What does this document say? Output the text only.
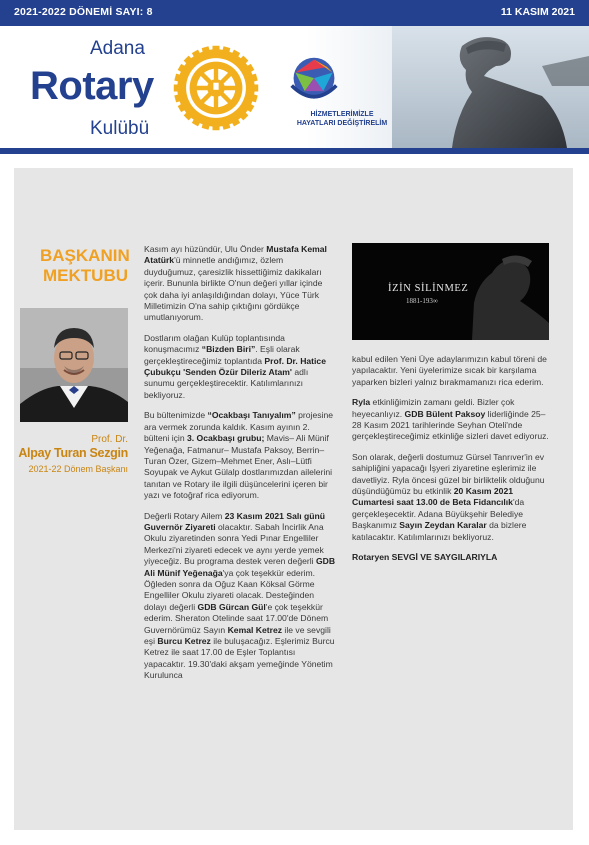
2021-2022 DÖNEMİ SAYI: 8	11 KASIM 2021
Adana
Rotary
Kulübü
HİZMETLERİMİZLE
HAYATLARI DEĞİŞTİRELİM
BAŞKANIN
MEKTUBU
Prof. Dr.
Alpay Turan Sezgin
2021-22 Dönem Başkanı

Kasım ayı hüzündür, Ulu Önder Mustafa Kemal Atatürk'ü minnetle andığımız, özlem duyduğumuz, çaresizlik hissettiğimiz dakikaları içerir. Bununla birlikte O'nun değeri yıllar içinde çok daha iyi anlaşıldığından dolayı, Yüce Türk Milletimizin O'na sahip çıktığını gördükçe umutlanıyorum.

Dostlarım olağan Kulüp toplantısında konuşmacımız “Bizden Biri”. Eşli olarak gerçekleştireceğimiz toplantıda Prof. Dr. Hatice Çubukçu 'Senden Özür Dileriz Atam' adlı sunumu gerçekleştirecektir. Katılımlarınızı bekliyoruz.

Bu bültenimizde “Ocakbaşı Tanıyalım” projesine ara vermek zorunda kaldık. Kasım ayının 2. bülteni için 3. Ocakbaşı grubu; Mavis– Ali Münif Yeğenağa, Fatmanur– Mustafa Paksoy, Berrin–Turan Özer, Gizem–Mehmet Ener, Aslı–Lütfi Soyupak ve Aykut Gülalp dostlarımızdan ailelerini tanıtan ve Rotary ile ilgili düşüncelerini içeren bir yazı ve fotoğraf rica ediyorum.

Değerli Rotary Ailem 23 Kasım 2021 Salı günü Guvernör Ziyareti olacaktır. Sabah İncirlik Ana Okulu ziyaretinden sonra Yedi Pınar Engelliler Merkezi'ni ziyareti edecek ve aynı yerde yemek yiyeceğiz. Bu programa destek veren değerli GDB Ali Münif Yeğenağa'ya çok teşekkür ederim. Öğleden sonra da Oğuz Kaan Köksal Görme Engelliler Okulu ziyareti olacak. Desteğinden dolayı değerli GDB Gürcan Gül'e çok teşekkür ederim. Sheraton Otelinde saat 17.00'de Dönem Guvernörümüz Sayın Kemal Ketrez ile ve sevgili eşi Burcu Ketrez ile buluşacağız. Eşlerimiz Burcu Ketrez ile saat 17.00 de Eşler Toplantısı yapacaktır. 19.30'daki akşam yemeğinde Yönetim Kurulunca

İZİN SİLİNMEZ
1881-193∞

kabul edilen Yeni Üye adaylarımızın kabul töreni de yapılacaktır. Yeni üyelerimize sıcak bir karşılama yaparken bizleri yalnız bırakmamanızı rica ederim.

Ryla etkinliğimizin zamanı geldi. Bizler çok heyecanlıyız. GDB Bülent Paksoy liderliğinde 25–28 Kasım 2021 tarihlerinde Seyhan Oteli'nde gerçekleştireceğimiz etkinliğe sizleri davet ediyoruz.

Son olarak, değerli dostumuz Gürsel Tanrıver'in ev sahipliğini yapacağı İşyeri ziyaretine eşlerimiz ile davetliyiz. Ryla öncesi güzel bir birliktelik olduğunu düşündüğümüz bu etkinlik 20 Kasım 2021 Cumartesi saat 13.00 de Beta Fidancılık'da gerçekleşecektir. Adana Büyükşehir Belediye Başkanımız Sayın Zeydan Karalar da bizlere katılacaktır. Katılımlarınızı bekliyoruz.

Rotaryen SEVGİ VE SAYGILARIYLA
